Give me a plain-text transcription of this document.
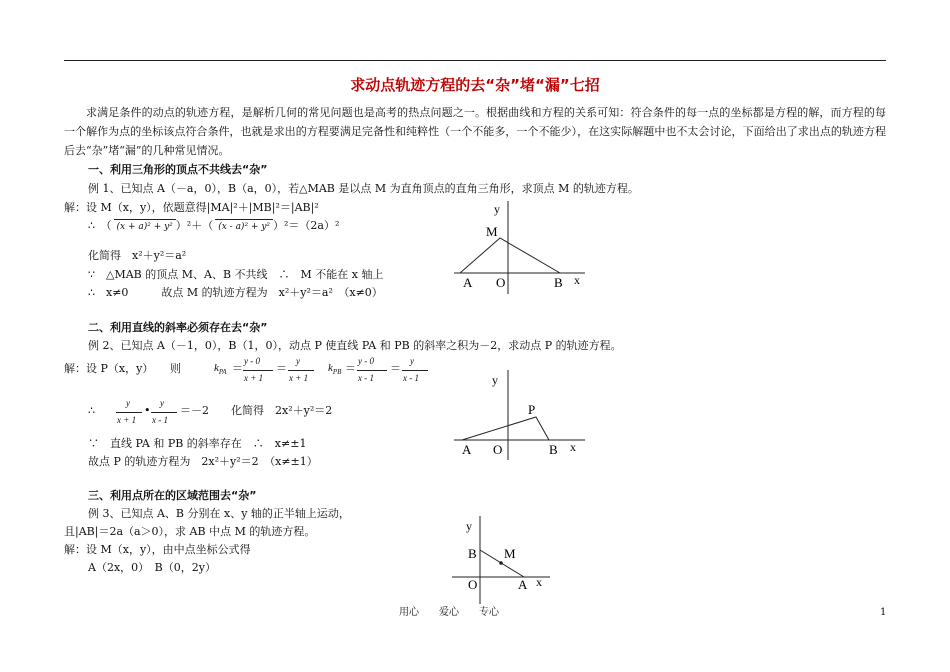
求动点轨迹方程的去“杂”堵“漏”七招
求满足条件的动点的轨迹方程，是解析几何的常见问题也是高考的热点问题之一。根据曲线和方程的关系可知：符合条件的每一点的坐标都是方程的解，而方程的每一个解作为点的坐标该点符合条件，也就是求出的方程要满足完备性和纯粹性（一个不能多，一个不能少），在这实际解题中也不太会讨论，下面给出了求出点的轨迹方程后去“杂”堵“漏”的几种常见情况。
一、利用三角形的顶点不共线去“杂”
例 1、已知点 A（－a，0），B（a，0），若△MAB 是以点 M 为直角顶点的直角三角形，求顶点 M 的轨迹方程。
解：设 M（x，y），依题意得|MA|²＋|MB|²＝|AB|²
∴　（ (x + a)² + y² ）²＋（ (x - a)² + y² ）²＝（2a）²
化简得　x²＋y²＝a²
∵　△MAB 的顶点 M、A、B 不共线　∴　M 不能在 x 轴上
∴　x≠0　　　故点 M 的轨迹方程为　x²＋y²＝a²　（x≠0）
y
M
A O	B x
二、利用直线的斜率必须存在去“杂”
例 2、已知点 A（－1，0），B（1，0），动点 P 使直线 PA 和 PB 的斜率之积为－2，求动点 P 的轨迹方程。
解：设 P（x，y）　　则	$k_{PA}$ ＝
y - 0
x + 1
＝
y
x + 1
$k_{PB}$ ＝
y - 0
x - 1
＝
y
x - 1
∴
y
x + 1
•
y
x - 1
＝－2　　化简得　2x²＋y²＝2
∵　直线 PA 和 PB 的斜率存在　∴　x≠±1
故点 P 的轨迹方程为　2x²＋y²＝2　（x≠±1）
y
P
A O	B x
三、利用点所在的区域范围去“杂”
例 3、已知点 A、B 分别在 x、y 轴的正半轴上运动，
且|AB|＝2a（a＞0），求 AB 中点 M 的轨迹方程。
解：设 M（x，y），由中点坐标公式得
A（2x，0）　B（0，2y）
y
B M
O	A x
用心　　爱心　　专心	1
